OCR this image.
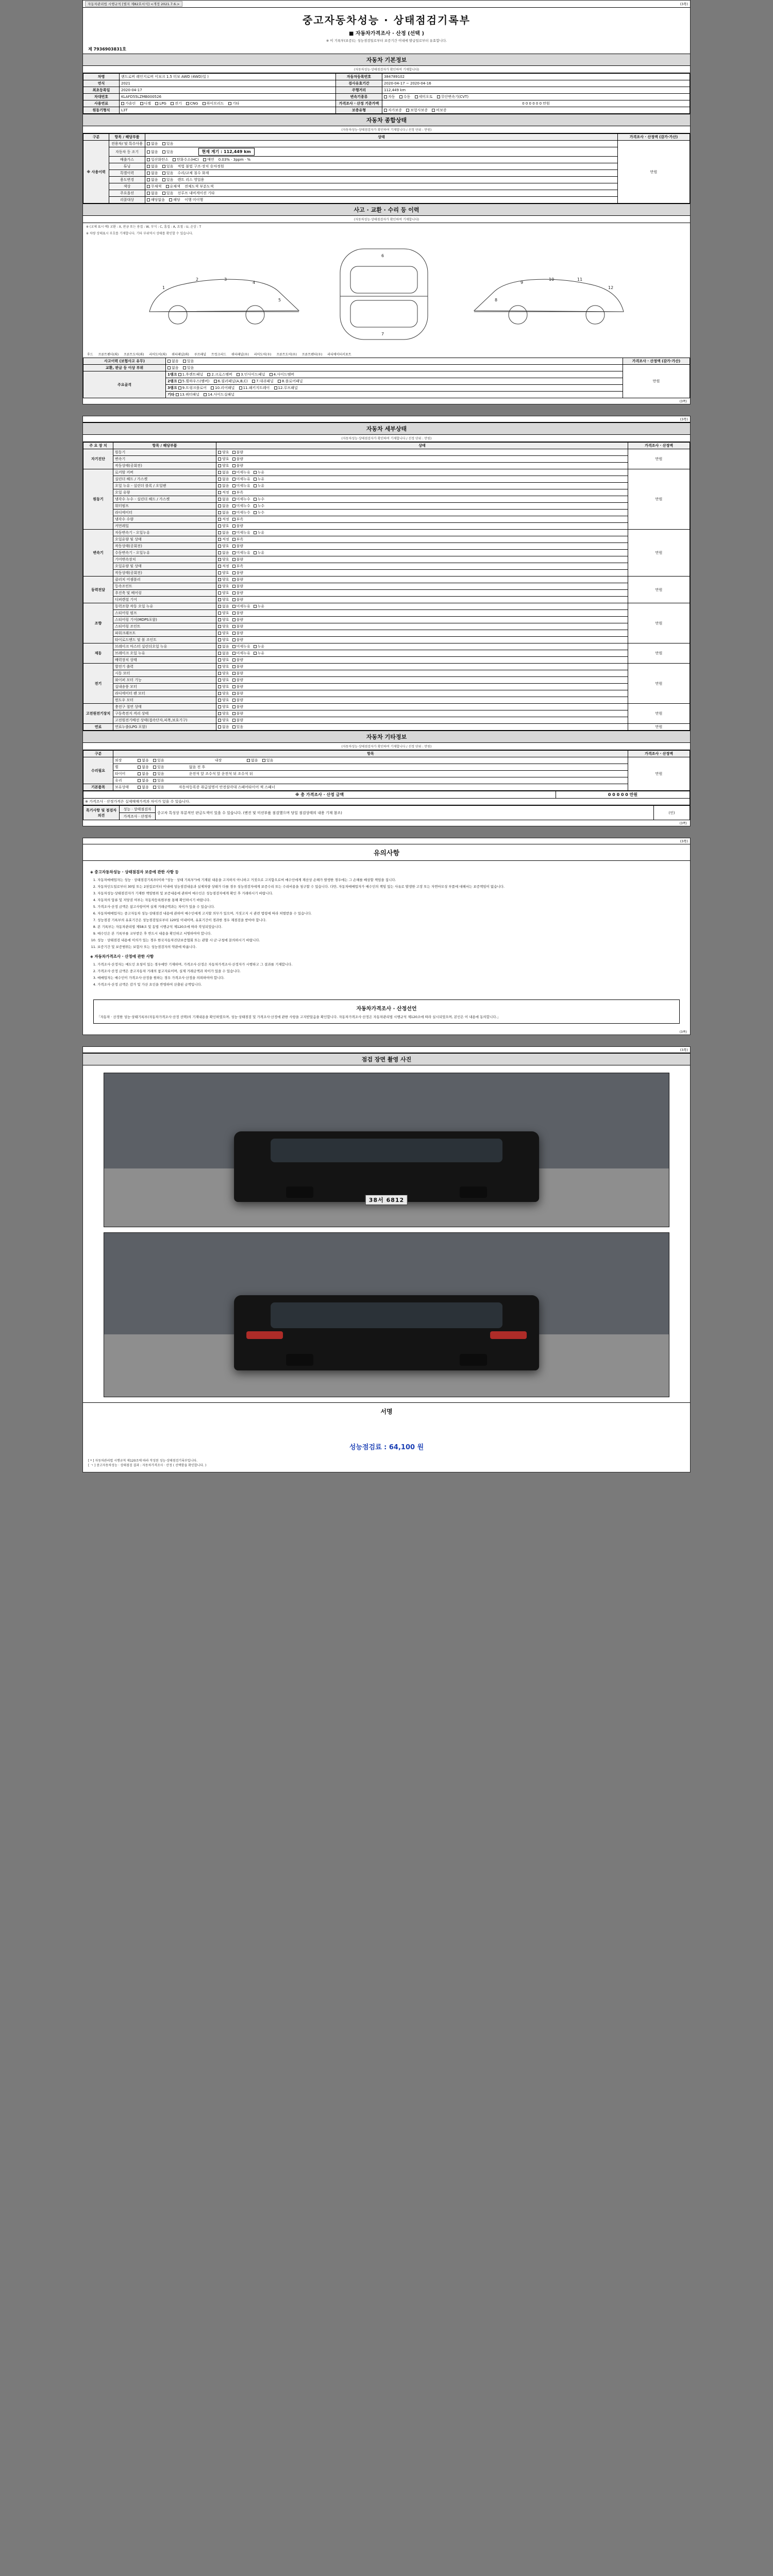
자동차관리법 시행규칙 [별지 제82호서식] <개정 2021.7.6.>	(3쪽)
중고자동차성능 · 상태점검기록부
■ 자동차가격조사 · 산정 (선택 )
※ 이 기록부(보증)는 성능점검일로부터 보증기간 이내에 발급일로부터 유효합니다.
제 7936903831호
자동차 기본정보
(자동차성능·상태점검자가 확인하여 기재합니다)
차명	랜드로버 레인지로버 이보크 1.5 터보 AWD (4WD)일 )	자동차등록번호	384789102
연식	2021	검사유효기간	2020-04-17 ~ 2020-04-16
최초등록일	2020-04-17	주행거리	112,449 km
차대번호	KLAFD55LZMB000526	변속기종류	자동 수동 세미오토 무단변속기(CVT)
사용연료	가솔린 디젤 LPG 전기 CNG 하이브리드 기타	가격조사 · 산정 기준가액	0 0 0 0 0 0 만원
원동기형식	L3T	보증유형	자가보증 보험사보증 비보증
자동차 종합상태
(자동차성능·상태점검자가 확인하여 기재합니다 / 선정 단위 : 만원)
구분	항목 / 해당부품	상태	가격조사 · 산정액 (감가·가산)
※ 사용이력	전용차/ 및 특수사용	없음 있음	만원
	자동차 등 조기	없음 있음 현재 계기 : 112,449 km	
	배출가스	일산화탄소 탄화수소(HC) 매연 0.03% · 3ppm · %	
	튜닝	없음 있음 적법 불법 구조·장치 승차정원	
	특별이력	없음 있음 수리/교체 침수 화재	
	용도변경	없음 있음 렌트 리스 영업용	
	색상	무채색 유채색 전체도색 부분도색	
	주요옵션	없음 있음 선루프 내비게이션 기타	
	리콜대상	해당없음 해당 이행 미이행	
사고 · 교환 · 수리 등 이력
(자동차성능·상태점검자가 확인하여 기재합니다)
※ (교체 표시 예) 교환 : X, 판금 또는 용접 : W, 부식 : C, 흠집 : A, 요철 : U, 손상 : T
※ 차량 상태표시 부호를 기재합니다. 기타 부위역시 상태를 확인할 수 있습니다.
1
2	3
4
5
6
7
8
9
10	11
12
후드 프론트펜더(좌) 프론트도어(좌) 리어도어(좌) 쿼터패널(좌) 루프패널 트렁크리드 쿼터패널(우) 리어도어(우) 프론트도어(우) 프론트펜더(우) 라디에이터서포트
사고이력 (보험사고 유무)	없음 있음	가격조사 · 산정액 (감가·가산)
교환, 판금 등 이상 부위	없음 있음	만원
주요골격	1랭크 1.후렌트패널 2.크로스멤버 3.인사이드패널 4.사이드멤버	
	2랭크 5.휠하우스(멤버) 6.필러패널(A,B,C) 7.대쉬패널 8.플로어패널	
	3랭크 9.트렁크플로어 10.리어패널 11.패키지트레이 12.루프패널	
	기타 13.쿼터패널 14.사이드실패널	
(3쪽)
(3쪽)
자동차 세부상태
(자동차성능·상태점검자가 확인하여 기재합니다 / 선정 단위 : 만원)
주 요 장 치	항목 / 해당부품	상태	가격조사 · 산정액
자기진단	원동기	양호 불량	만원
	변속기	양호 불량	
	작동상태(공회전)	양호 불량	
원동기	로커암 커버	없음 미세누유 누유	만원
	실린더 헤드 / 가스켓	없음 미세누유 누유	
	오일 누유 - 실린더 블록 / 오일팬	없음 미세누유 누유	
	오일 유량	적정 부족	
	냉각수 누수 - 실린더 헤드 / 가스켓	없음 미세누수 누수	
	워터펌프	없음 미세누수 누수	
	라디에이터	없음 미세누수 누수	
	냉각수 수량	적정 부족	
	커먼레일	양호 불량	
변속기	자동변속기 - 오일누유	없음 미세누유 누유	만원
	오일유량 및 상태	적정 부족	
	작동상태(공회전)	양호 불량	
	수동변속기 - 오일누유	없음 미세누유 누유	
	기어변속장치	양호 불량	
	오일유량 및 상태	적정 부족	
	작동상태(공회전)	양호 불량	
동력전달	클러치 어셈블리	양호 불량	만원
	등속조인트	양호 불량	
	추진축 및 베어링	양호 불량	
	디퍼렌셜 기어	양호 불량	
조향	동력조향 작동 오일 누유	없음 미세누유 누유	만원
	스티어링 펌프	양호 불량	
	스티어링 기어(MDPS포함)	양호 불량	
	스티어링 조인트	양호 불량	
	파워크래프트	양호 불량	
	타이로드엔드 및 볼 조인트	양호 불량	
제동	브레이크 마스터 실린더오일 누유	없음 미세누유 누유	만원
	브레이크 오일 누유	없음 미세누유 누유	
	배력장치 상태	양호 불량	
전기	발전기 출력	양호 불량	만원
	시동 모터	양호 불량	
	와이퍼 모터 기능	양호 불량	
	실내송풍 모터	양호 불량	
	라디에이터 팬 모터	양호 불량	
	윈도우 모터	양호 불량	
고전원전기장치	충전구 절연 상태	양호 불량	만원
	구동축전지 격리 상태	양호 불량	
	고전원전기배선 상태(접속단자,피복,보호기구)	양호 불량	
연료	연료누출(LPG 포함)	없음 있음	만원
자동차 기타정보
(자동차성능·상태점검자가 확인하여 기재합니다 / 선정 단위 : 만원)
구분	항목	가격조사 · 산정액
수리필요	외장 없음 있음 내장 없음 있음	만원
	휠 없음 있음 없음 전 후	
	타이어 없음 있음 운전석 앞 조수석 앞 운전석 뒤 조수석 뒤	
	유리 없음 있음	
기본품목	보유상태 없음 있음 자동차등록증 취급설명서 안전삼각대 스페어타이어 잭 스패너	
※ 총 가격조사 · 산정 금액	0 0 0 0 0 만원
※ 가격조사 · 산정가격은 실제매매가격과 차이가 있을 수 있습니다.
특기사항 및 점검자의견	성능 · 상태점검자	중고차 특성상 부분적인 판금도색이 있을 수 있습니다. (엔진 및 미션부품 점검했으며 당일 점검상태의 내용 기재 참조)	(인)
가격조사 · 산정자
(3쪽)
(3쪽)
유의사항
◈ 중고자동차성능 · 상태점검자 보증에 관한 사항 등
1. 자동차매매업자는 성능 · 상태점검기록부(이하 "성능 · 상태 기록부")에 기재된 내용을 고지하지 아니하고 거짓으로 고지함으로써 매수인에게 재산상 손해가 발생한 경우에는 그 손해를 배상할 책임을 집니다.
2. 자동차인도일로부터 30일 또는 2천킬로미터 이내에 성능점검내용과 실제차량 상태가 다를 경우 성능점검자에게 보증수리 또는 수리비용을 청구할 수 있습니다. 다만, 자동차매매업자가 매수인의 책임 있는 사유로 발생한 고장 또는 자연마모성 부품에 대해서는 보증책임이 없습니다.
3. 자동차성능·상태점검자가 기재한 책임범위 및 보증내용에 관하여 매수인은 성능점검자에게 확인 후 거래하시기 바랍니다.
4. 자동차의 압류 및 저당권 여부는 자동차등록원부를 통해 확인하시기 바랍니다.
5. 가격조사·산정 금액은 참고사항이며 실제 거래금액과는 차이가 있을 수 있습니다.
6. 자동차매매업자는 중고자동차 성능·상태점검 내용에 관하여 매수인에게 고지할 의무가 있으며, 거짓고지 시 관련 법령에 따라 처벌받을 수 있습니다.
7. 성능점검 기록부의 유효기간은 성능점검일로부터 120일 이내이며, 유효기간이 경과한 경우 재점검을 받아야 합니다.
8. 본 기록부는 자동차관리법 제58조 및 동법 시행규칙 제120조에 따라 작성되었습니다.
9. 매수인은 본 기록부를 교부받은 후 반드시 내용을 확인하고 서명하여야 합니다.
10. 성능 · 상태점검 내용에 이의가 있는 경우 한국자동차진단보증협회 또는 관할 시·군·구청에 문의하시기 바랍니다.
11. 보증기간 및 보증범위는 보험사 또는 성능점검자의 약관에 따릅니다.
◈ 자동차가격조사 · 산정에 관한 사항
1. 가격조사·산정자는 매도인 요청이 있는 경우에만 기재하며, 가격조사·산정은 자동차가격조사·산정자가 시행하고 그 결과를 기재합니다.
2. 가격조사·산정 금액은 중고자동차 거래의 참고자료이며, 실제 거래금액과 차이가 있을 수 있습니다.
3. 매매업자는 매수인이 가격조사·산정을 원하는 경우 가격조사·산정을 의뢰하여야 합니다.
4. 가격조사·산정 금액은 감가 및 가산 요인을 반영하여 산출된 금액입니다.
자동차가격조사 · 산정선언
「자동차 · 산정한 성능·상태기록부(자동차가격조사·산정 선택)의 기재내용을 확인하였으며, 성능·상태점검 및 가격조사·산정에 관한 사항을 고지받았음을 확인합니다. 자동차가격조사·산정은 자동차관리법 시행규칙 제120조에 따라 실시되었으며, 본인은 이 내용에 동의합니다.」
(3쪽)
(3쪽)
점검 장면 촬영 사진
38서 6812
서명
성능점검료 : 64,100 원
[ * ] 자동차관리법 시행규칙 제120조에 따라 작성된 성능·상태점검기록부입니다.
[ ㄱ ] 중고자동차성능 · 상태점검 결과 : 자동차가격조사 · 산정 ( 선택함을 확인합니다. )
